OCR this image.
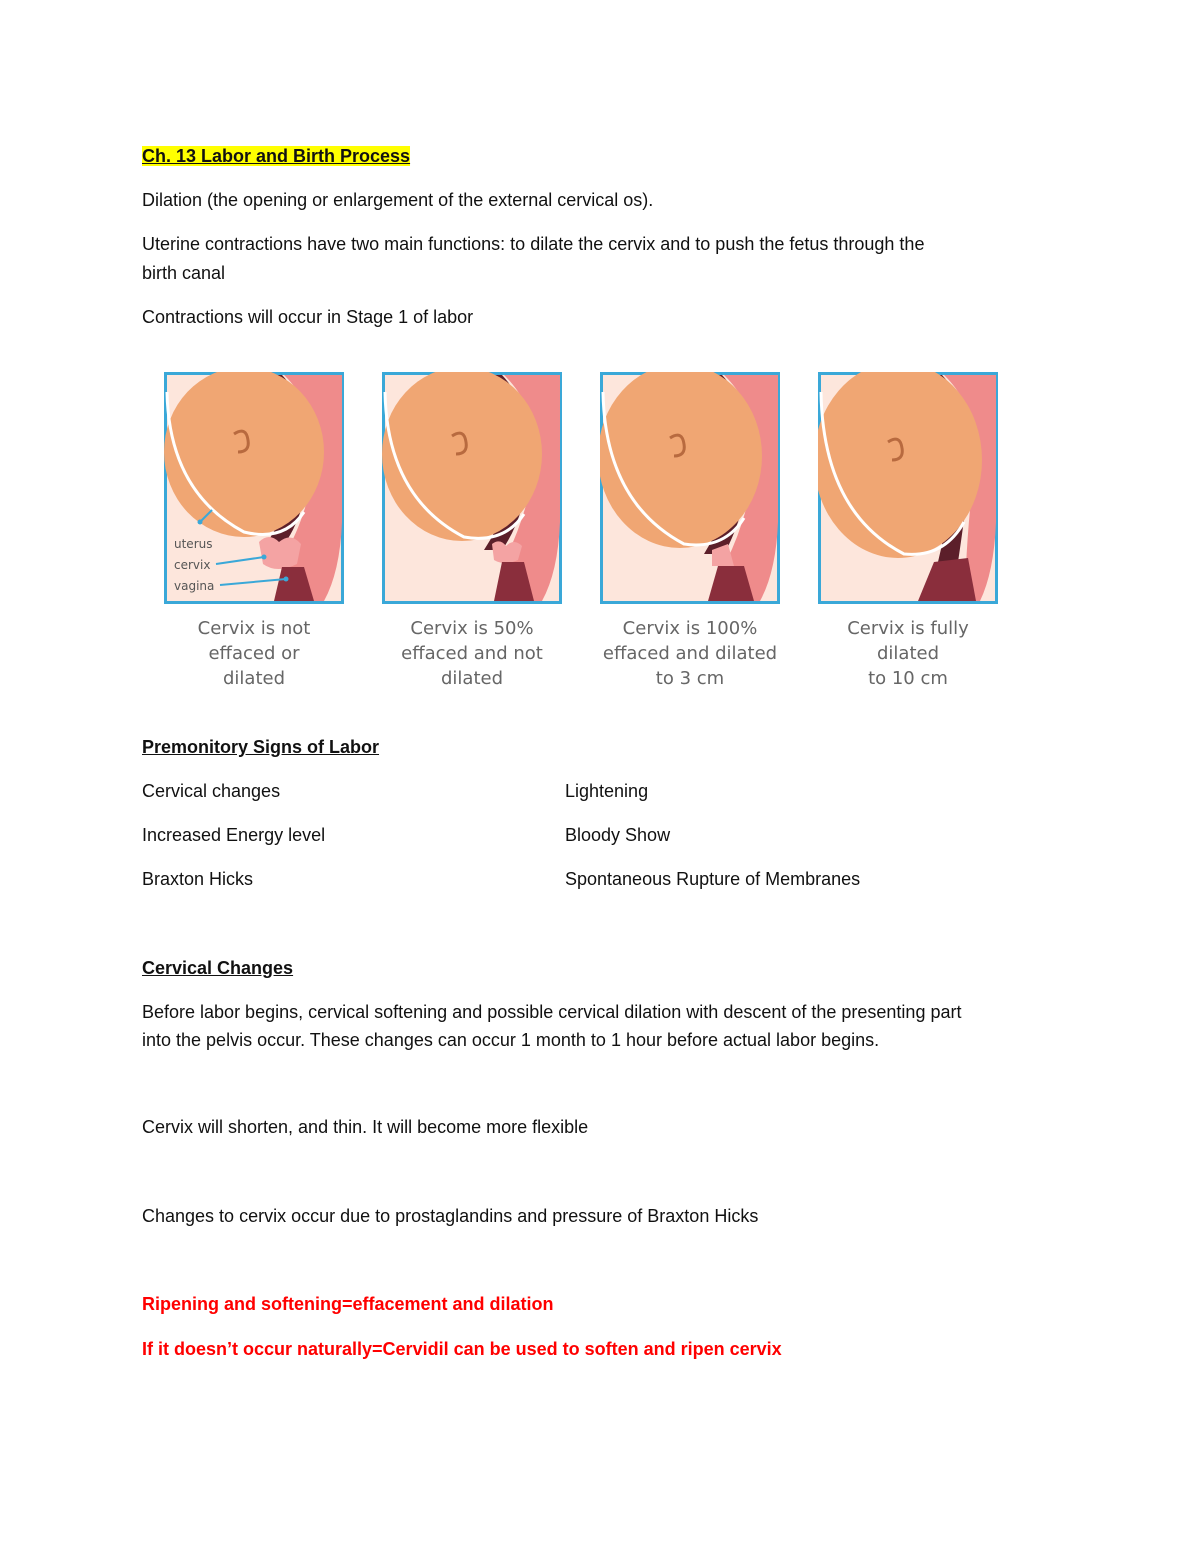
Ch. 13 Labor and Birth Process

Dilation (the opening or enlargement of the external cervical os).

Uterine contractions have two main functions: to dilate the cervix and to push the fetus through the

birth canal

Contractions will occur in Stage 1 of labor

uterus
cervix
vagina
Cervix is not
effaced or
dilated
Cervix is 50%
effaced and not
dilated
Cervix is 100%
effaced and dilated
to 3 cm
Cervix is fully
dilated
to 10 cm

Premonitory Signs of Labor

Cervical changes	Lightening
Increased Energy level	Bloody Show
Braxton Hicks	Spontaneous Rupture of Membranes

Cervical Changes

Before labor begins, cervical softening and possible cervical dilation with descent of the presenting part

into the pelvis occur. These changes can occur 1 month to 1 hour before actual labor begins.

Cervix will shorten, and thin. It will become more flexible

Changes to cervix occur due to prostaglandins and pressure of Braxton Hicks

Ripening and softening=effacement and dilation

If it doesn’t occur naturally=Cervidil can be used to soften and ripen cervix
